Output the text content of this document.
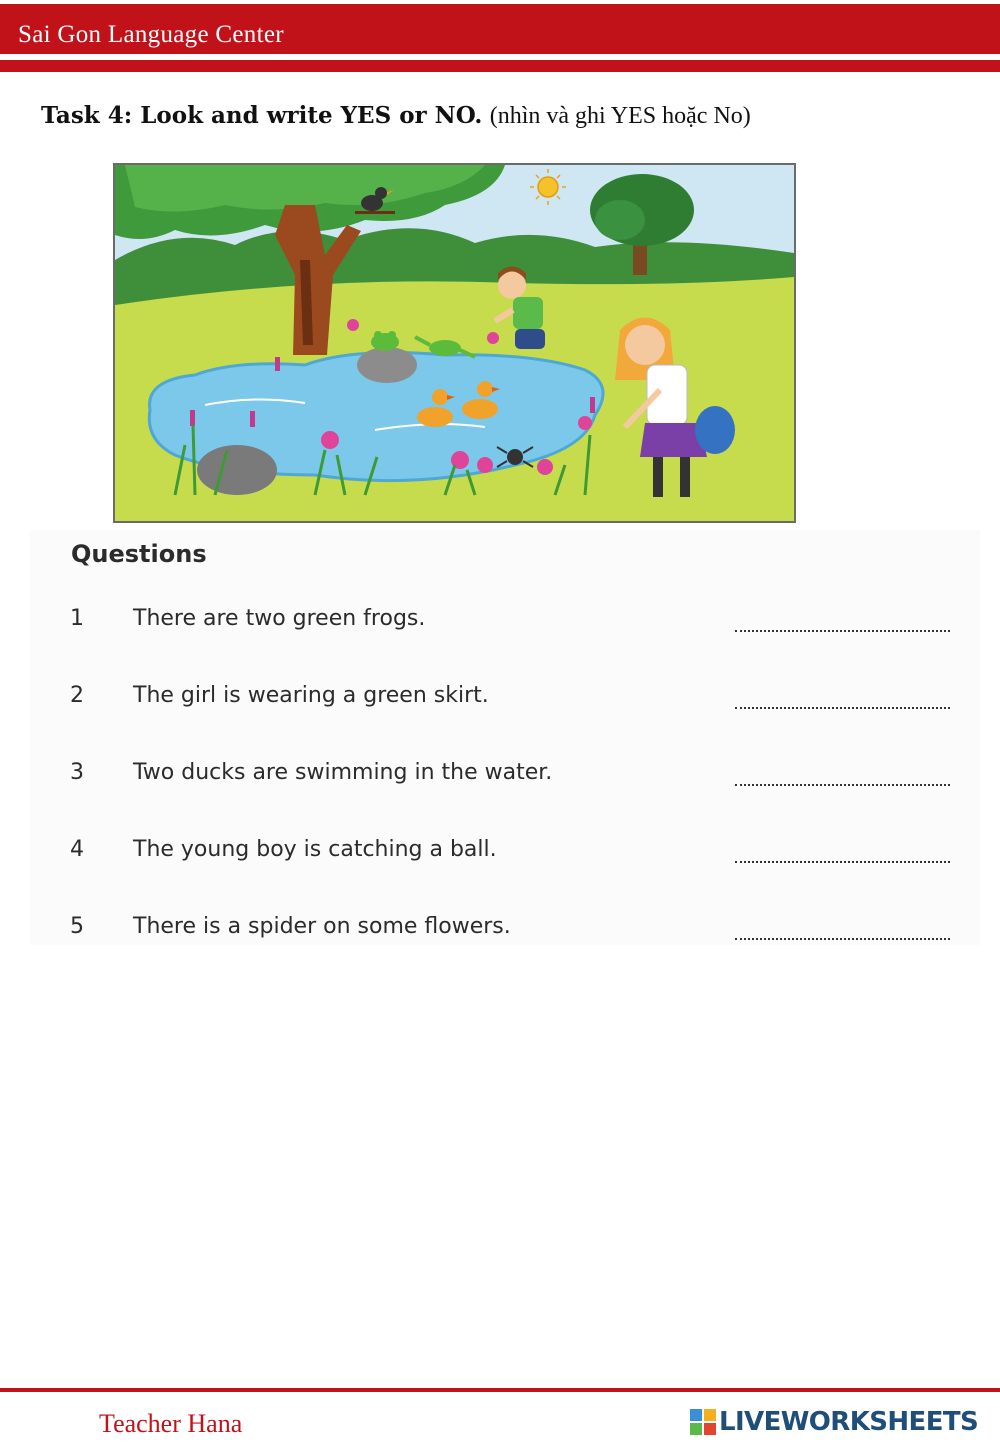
Sai Gon Language Center
Task 4: Look and write YES or NO. (nhìn và ghi YES hoặc No)
Questions
1 There are two green frogs.
2 The girl is wearing a green skirt.
3 Two ducks are swimming in the water.
4 The young boy is catching a ball.
5 There is a spider on some flowers.
Teacher Hana	LIVEWORKSHEETS
